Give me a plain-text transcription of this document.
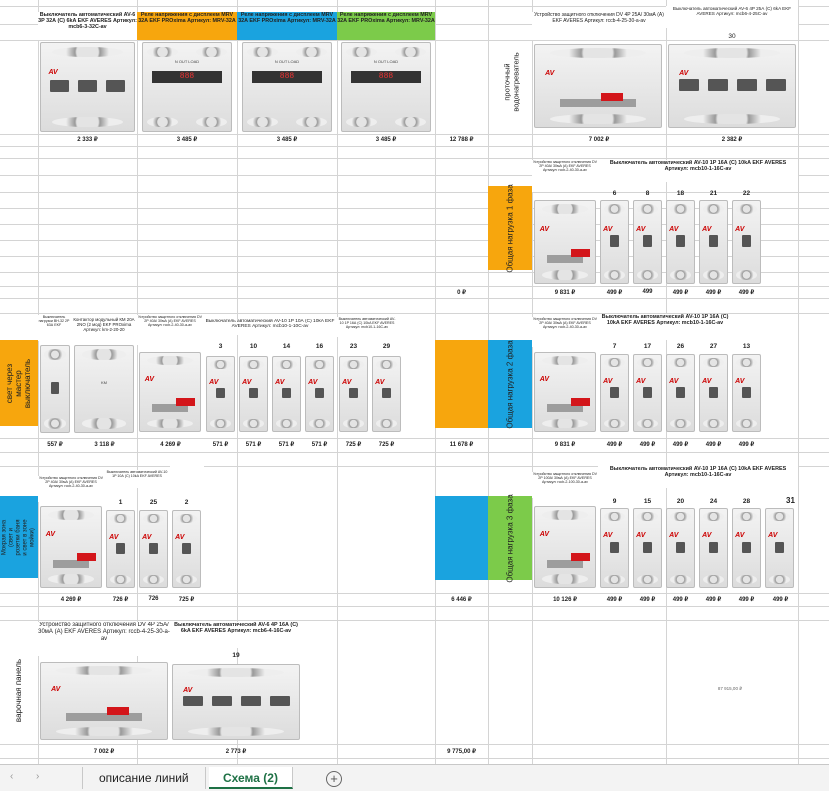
Выключатель автоматический AV-6 3P 32А (C) 6kA EKF AVERES Артикул: mcb6-3-32C-av
Реле напряжения с дисплеем MRV 32A EKF PROxima Артикул: MRV-32A
Реле напряжения с дисплеем MRV 32A EKF PROxima Артикул: MRV-32A
Реле напряжения с дисплеем MRV 32A EKF PROxima Артикул: MRV-32A
AV
N OUT LOAD
888
N OUT LOAD
888
N OUT LOAD
888
2 333 ₽	3 485 ₽	3 485 ₽	3 485 ₽	12 788 ₽
проточный водонагреватель
Устройство защитного отключения DV 4P 25А/ 30мА (А) EKF AVERES Артикул: rccb-4-25-30-a-av
Выключатель автоматический AV-6 4P 25А (C) 6kA EKF AVERES Артикул: mcb6-4-25C-av
30
AV	AV
7 002 ₽	2 382 ₽
Общая нагрузка 1 фаза
Устройство защитного отключения DV 2P 40А/ 30мА (А) EKF AVERES Артикул: rccb-2-40-30-a-av
Выключатель автоматический AV-10 1P 16А (C) 10kA EKF AVERES Артикул: mcb10-1-16C-av
6	8	18	21	22
AV	AV	AV	AV	AV	AV
9 831 ₽	499 ₽	499	499 ₽	499 ₽	499 ₽
0 ₽
свет через мастер выключатель
Выключатель нагрузки ВН-32 2P 63А EKF
Контактор модульный КМ 20А 2NO (2 мод) EKF PROxima Артикул: km-2-20-20
Устройство защитного отключения DV 2P 40А/ 30мА (А) EKF AVERES Артикул: rccb-2-40-30-a-av
Выключатель автоматический AV-10 1P 10А (C) 10kA EKF AVERES Артикул: mcb10-1-10C-av
Выключатель автоматический AV-10 1P 16А (C) 10kA EKF AVERES Артикул: mcb10-1-16C-av
3	10	14	16	23	29
KM	AV	AV	AV	AV	AV	AV	AV
557 ₽	3 118 ₽	4 269 ₽	571 ₽	571 ₽	571 ₽	571 ₽	725 ₽	725 ₽	11 678 ₽
Общая нагрузка 2 фаза
Устройство защитного отключения DV 2P 40А/ 30мА (А) EKF AVERES Артикул: rccb-2-40-30-a-av
Выключатель автоматический AV-10 1P 16А (C) 10kA EKF AVERES Артикул: mcb10-1-16C-av
7	17	26	27	13
AV	AV	AV	AV	AV	AV
9 831 ₽	499 ₽	499 ₽	499 ₽	499 ₽	499 ₽
Мокрая зона (свет и розетки баня и свет в зоне мойки)
Устройство защитного отключения DV 2P 40А/ 30мА (А) EKF AVERES Артикул: rccb-2-40-30-a-av
Выключатель автоматический AV-10 1P 10А (C) 10kA EKF AVERES
1	25	2
AV	AV	AV	AV
4 269 ₽	726 ₽	726	725 ₽	6 446 ₽
Общая нагрузка 3 фаза
Устройство защитного отключения DV 2P 100А/ 30мА (А) EKF AVERES Артикул: rccb-2-100-30-a-av
Выключатель автоматический AV-10 1P 16А (C) 10kA EKF AVERES Артикул: mcb10-1-16C-av
9	15	20	24	28	31
AV	AV	AV	AV	AV	AV	AV
10 126 ₽	499 ₽	499 ₽	499 ₽	499 ₽	499 ₽	499 ₽
варочная панель
Устройство защитного отключения DV 4P 25А/ 30мА (А) EKF AVERES Артикул: rccb-4-25-30-a-av
Выключатель автоматический AV-6 4P 16А (C) 6kA EKF AVERES Артикул: mcb6-4-16C-av
19
AV	AV
7 002 ₽	2 773 ₽	9 775,00 ₽
87 915,00 ₽
‹ ›	описание линий	Схема (2)	+
